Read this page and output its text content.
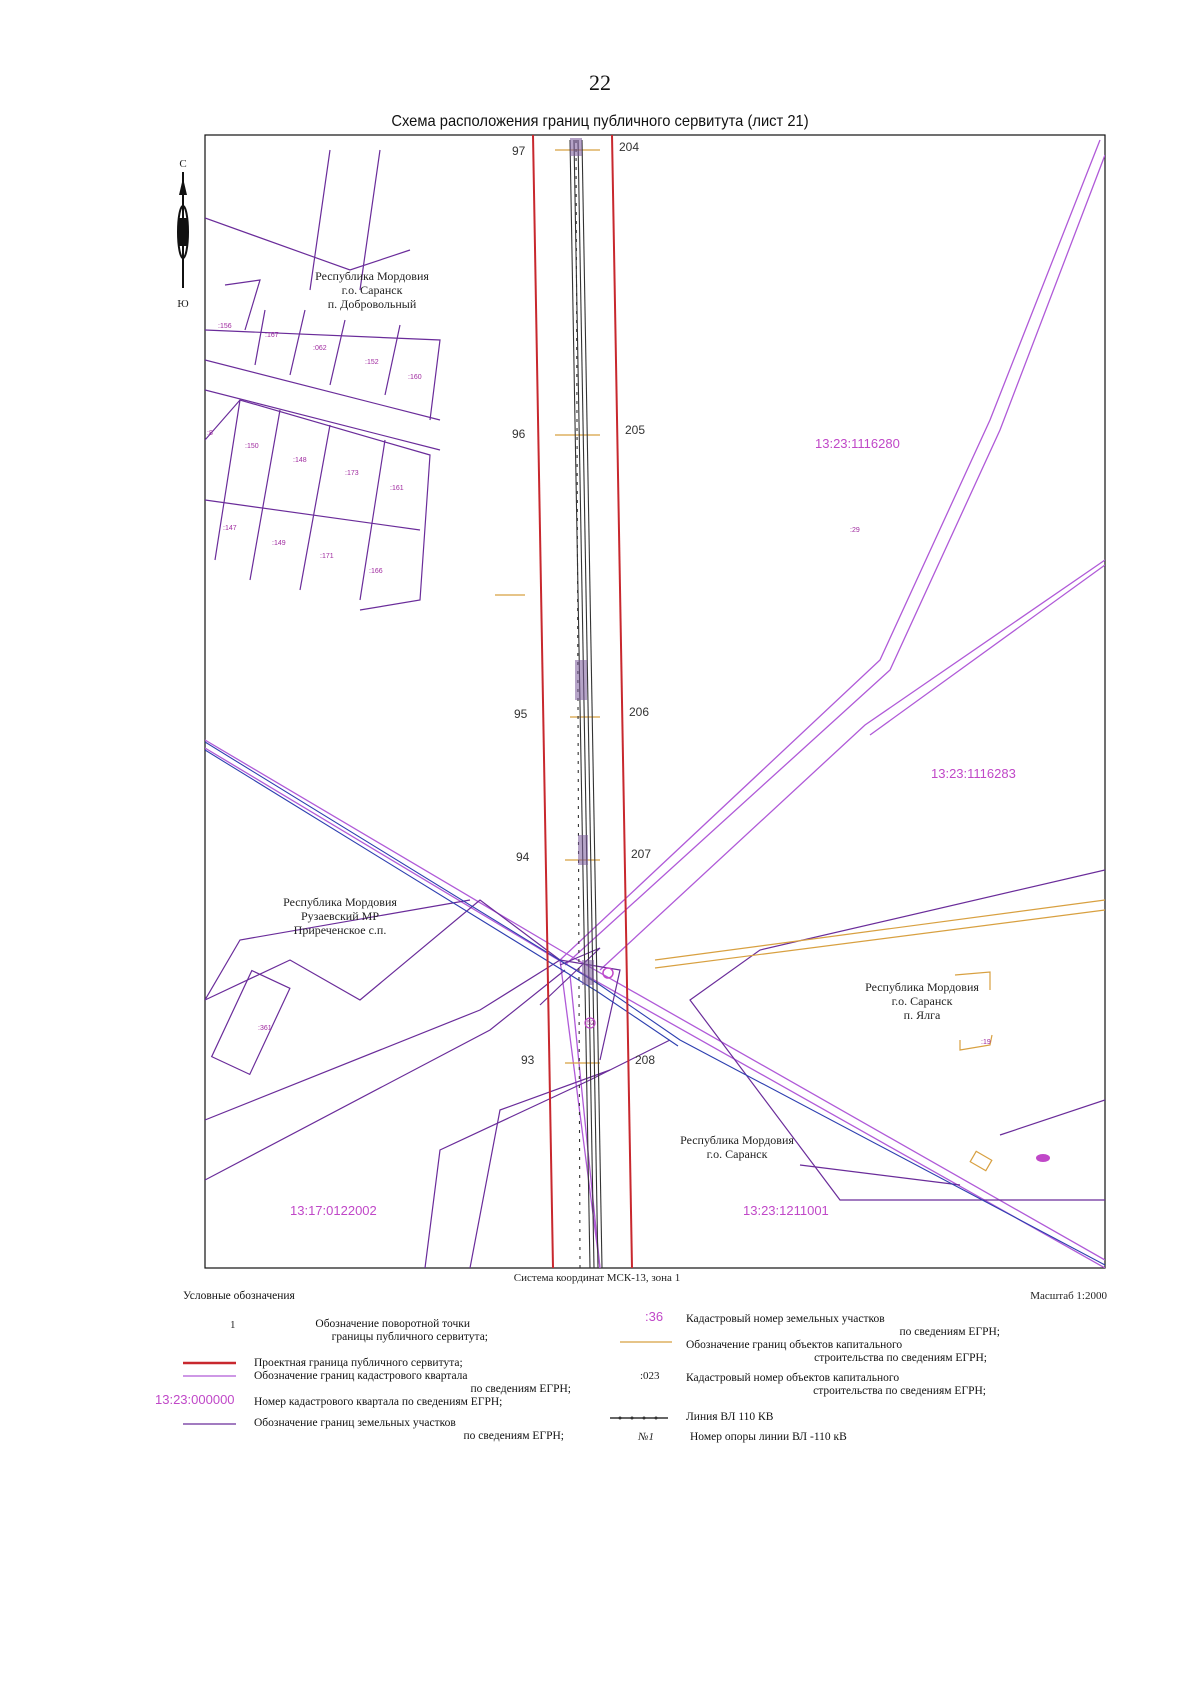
22
Схема расположения границ публичного сервитута (лист 21)
С
Ю
97
96
95
94
93
204
205
206
207
208
Республика Мордовия
г.о. Саранск
п. Добровольный
Республика Мордовия
Рузаевский МР
Приреченское с.п.
Республика Мордовия
г.о. Саранск
п. Ялга
Республика Мордовия
г.о. Саранск
13:23:1116280
13:23:1116283
13:17:0122002	13:23:1211001
:156
:167
:062
:152
:160
:8
:150
:148
:173
:161
:147
:149
:171
:166
:29
:361
:19
:52
Система координат МСК-13, зона 1
Масштаб 1:2000
1
13:23:000000
:36
:023
№1
Условные обозначения
Обозначение поворотной точки
границы публичного сервитута;
Проектная граница публичного сервитута;
Обозначение границ кадастрового квартала
по сведениям ЕГРН;
Номер кадастрового квартала по сведениям ЕГРН;
Обозначение границ земельных участков
по сведениям ЕГРН;
Кадастровый номер земельных участков
по сведениям ЕГРН;
Обозначение границ объектов капитального
строительства по сведениям ЕГРН;
Кадастровый номер объектов капитального
строительства по сведениям ЕГРН;
Линия ВЛ 110 КВ
Номер опоры линии ВЛ -110 кВ
